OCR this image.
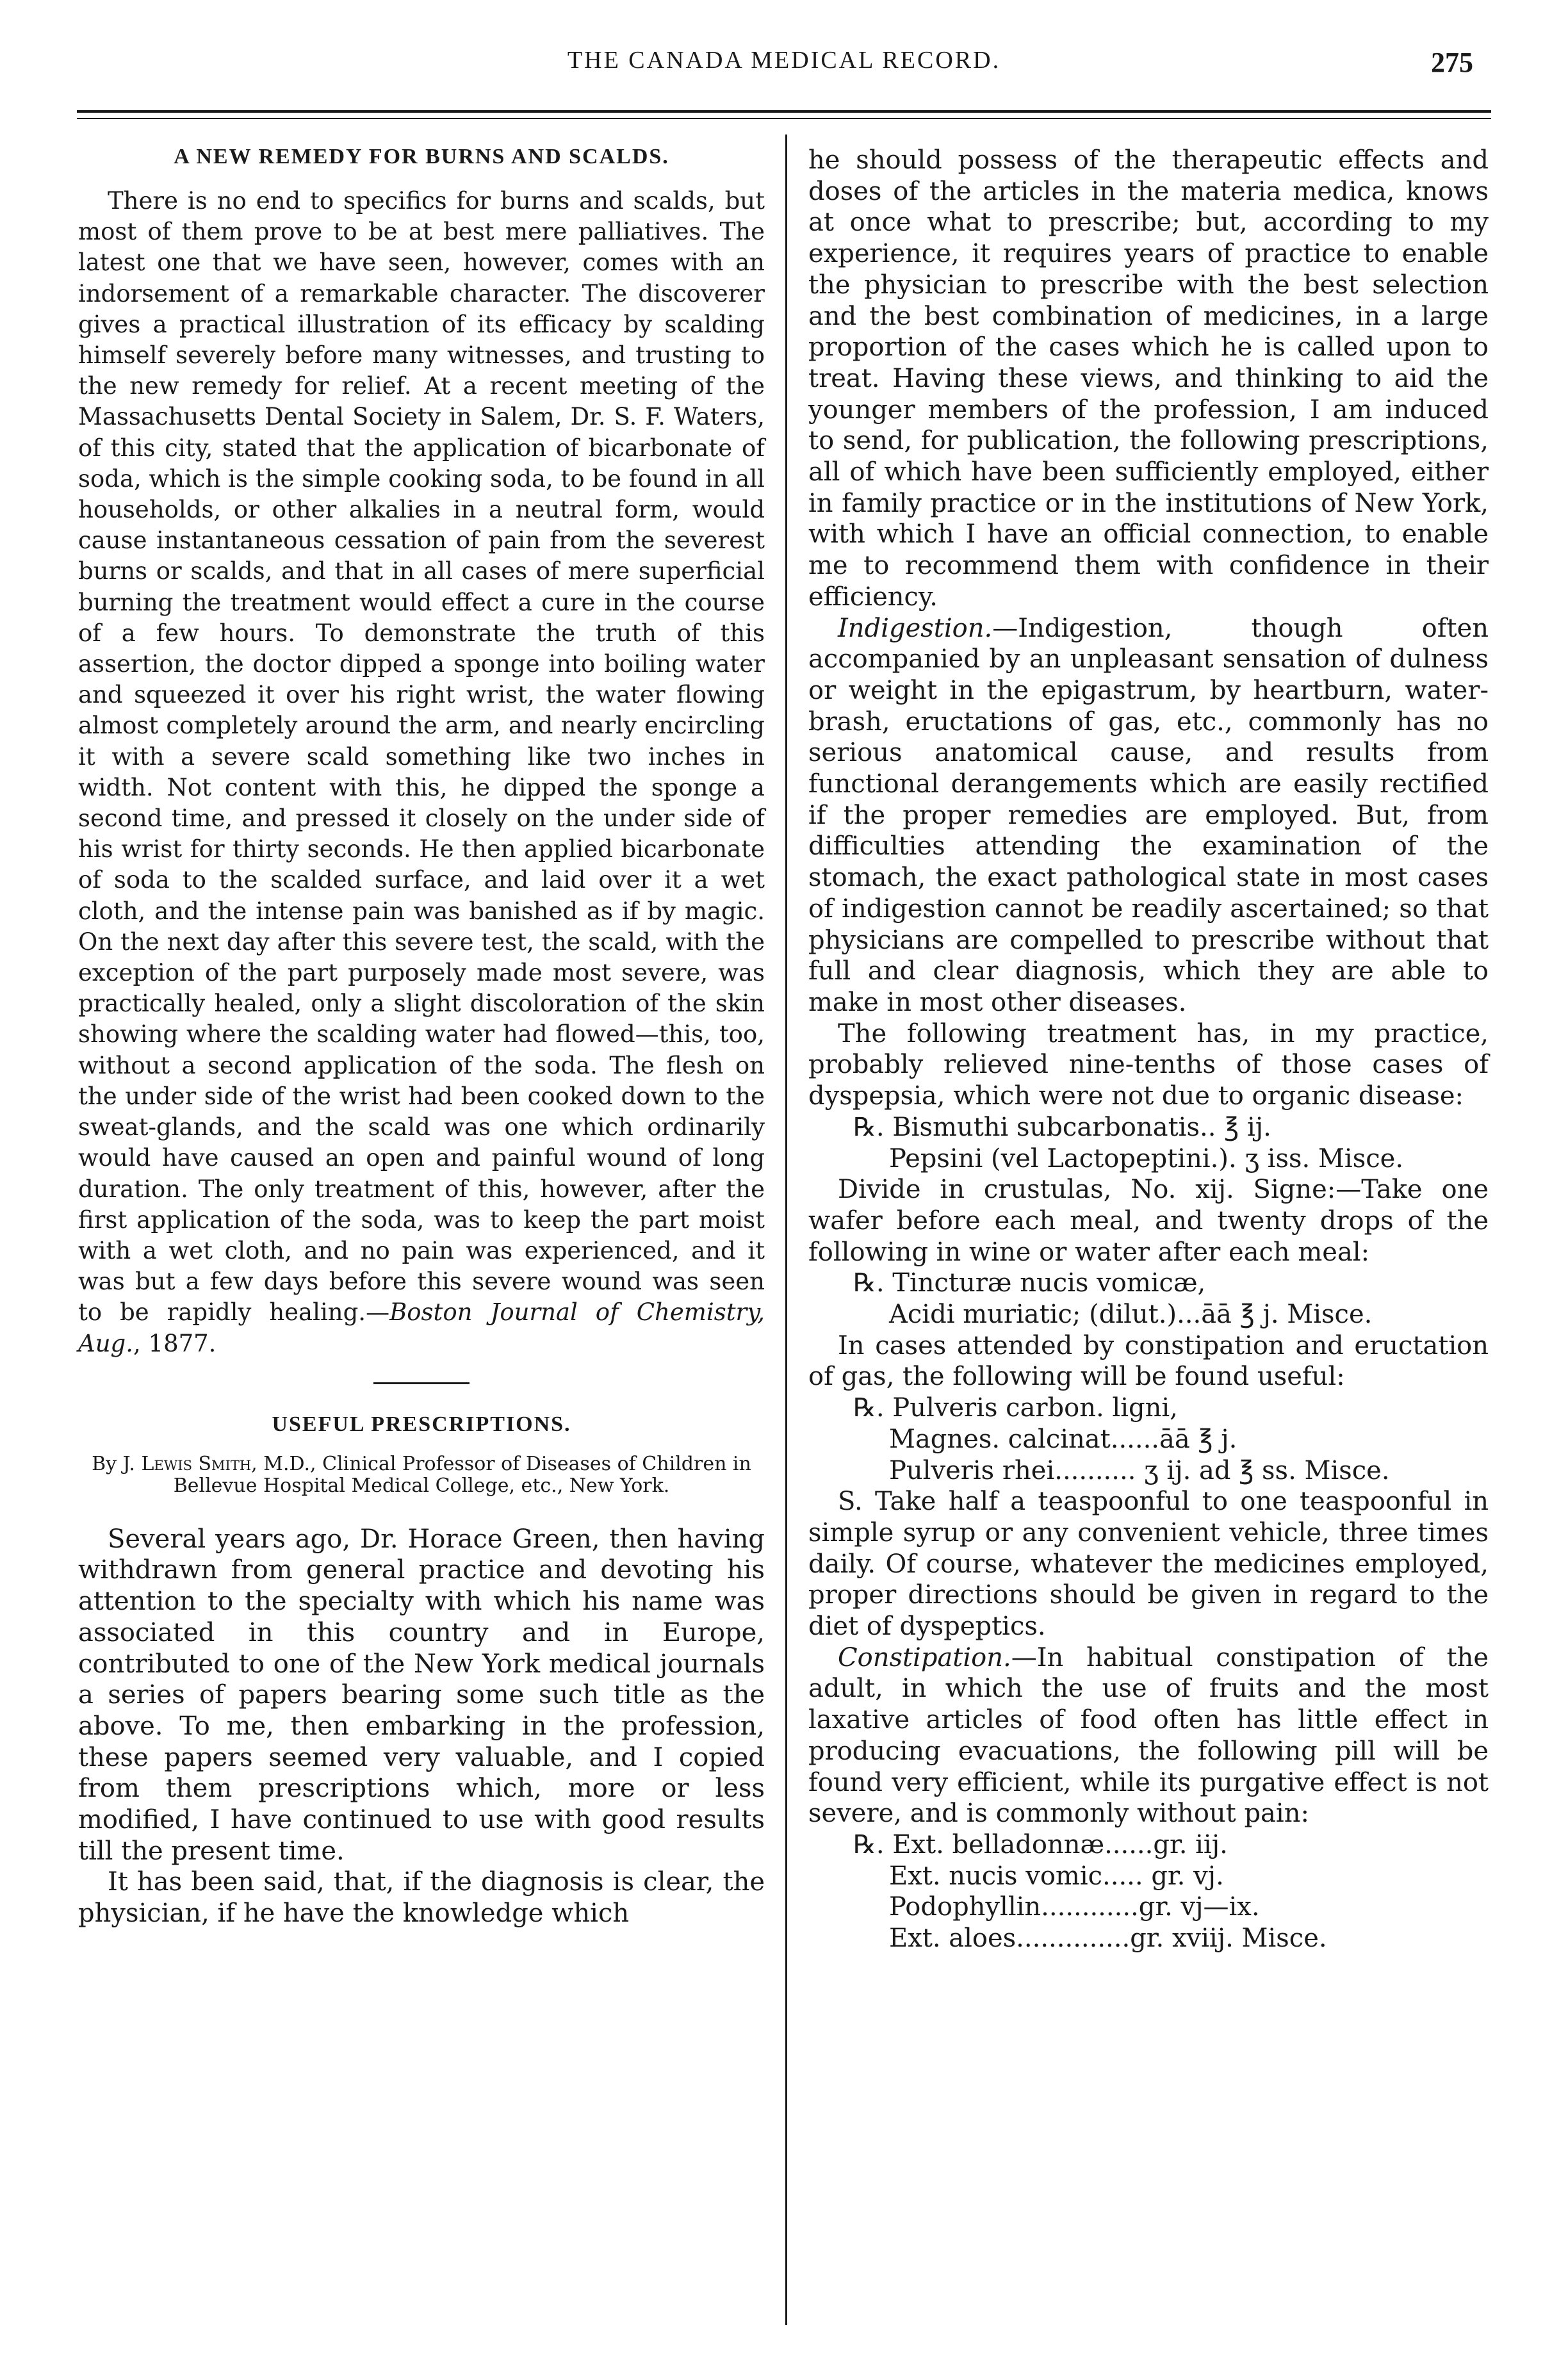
THE CANADA MEDICAL RECORD.	275
A NEW REMEDY FOR BURNS AND SCALDS.

There is no end to specifics for burns and scalds, but most of them prove to be at best mere palliatives. The latest one that we have seen, however, comes with an indorsement of a remarkable character. The discoverer gives a practical illustration of its efficacy by scalding himself severely before many witnesses, and trusting to the new remedy for relief. At a recent meeting of the Massachusetts Dental Society in Salem, Dr. S. F. Waters, of this city, stated that the application of bicarbonate of soda, which is the simple cooking soda, to be found in all households, or other alkalies in a neutral form, would cause instantaneous cessation of pain from the severest burns or scalds, and that in all cases of mere superficial burning the treatment would effect a cure in the course of a few hours. To demonstrate the truth of this assertion, the doctor dipped a sponge into boiling water and squeezed it over his right wrist, the water flowing almost completely around the arm, and nearly encircling it with a severe scald something like two inches in width. Not content with this, he dipped the sponge a second time, and pressed it closely on the under side of his wrist for thirty seconds. He then applied bicarbonate of soda to the scalded surface, and laid over it a wet cloth, and the intense pain was banished as if by magic. On the next day after this severe test, the scald, with the exception of the part purposely made most severe, was practically healed, only a slight discoloration of the skin showing where the scalding water had flowed—this, too, without a second application of the soda. The flesh on the under side of the wrist had been cooked down to the sweat-glands, and the scald was one which ordinarily would have caused an open and painful wound of long duration. The only treatment of this, however, after the first application of the soda, was to keep the part moist with a wet cloth, and no pain was experienced, and it was but a few days before this severe wound was seen to be rapidly healing.—Boston Journal of Chemistry, Aug., 1877.

USEFUL PRESCRIPTIONS.

By J. Lewis Smith, M.D., Clinical Professor of Diseases of Children in Bellevue Hospital Medical College, etc., New York.

Several years ago, Dr. Horace Green, then having withdrawn from general practice and devoting his attention to the specialty with which his name was associated in this country and in Europe, contributed to one of the New York medical journals a series of papers bearing some such title as the above. To me, then embarking in the profession, these papers seemed very valuable, and I copied from them prescriptions which, more or less modified, I have continued to use with good results till the present time.

It has been said, that, if the diagnosis is clear, the physician, if he have the knowledge which

he should possess of the therapeutic effects and doses of the articles in the materia medica, knows at once what to prescribe; but, according to my experience, it requires years of practice to enable the physician to prescribe with the best selection and the best combination of medicines, in a large proportion of the cases which he is called upon to treat. Having these views, and thinking to aid the younger members of the profession, I am induced to send, for publication, the following prescriptions, all of which have been sufficiently employed, either in family practice or in the institutions of New York, with which I have an official connection, to enable me to recommend them with confidence in their efficiency.

Indigestion.—Indigestion, though often accompanied by an unpleasant sensation of dulness or weight in the epigastrum, by heartburn, water-brash, eructations of gas, etc., commonly has no serious anatomical cause, and results from functional derangements which are easily rectified if the proper remedies are employed. But, from difficulties attending the examination of the stomach, the exact pathological state in most cases of indigestion cannot be readily ascertained; so that physicians are compelled to prescribe without that full and clear diagnosis, which they are able to make in most other diseases.

The following treatment has, in my practice, probably relieved nine-tenths of those cases of dyspepsia, which were not due to organic disease:

℞. Bismuthi subcarbonatis.. ℥ ij.

Pepsini (vel Lactopeptini.). ʒ iss. Misce.

Divide in crustulas, No. xij. Signe:—Take one wafer before each meal, and twenty drops of the following in wine or water after each meal:

℞. Tincturæ nucis vomicæ,

Acidi muriatic; (dilut.)...āā ℥ j. Misce.

In cases attended by constipation and eructation of gas, the following will be found useful:

℞. Pulveris carbon. ligni,

Magnes. calcinat......āā ℥ j.

Pulveris rhei.......... ʒ ij. ad ℥ ss. Misce.

S. Take half a teaspoonful to one teaspoonful in simple syrup or any convenient vehicle, three times daily. Of course, whatever the medicines employed, proper directions should be given in regard to the diet of dyspeptics.

Constipation.—In habitual constipation of the adult, in which the use of fruits and the most laxative articles of food often has little effect in producing evacuations, the following pill will be found very efficient, while its purgative effect is not severe, and is commonly without pain:

℞. Ext. belladonnæ......gr. iij.

Ext. nucis vomic..... gr. vj.

Podophyllin............gr. vj—ix.

Ext. aloes..............gr. xviij. Misce.
